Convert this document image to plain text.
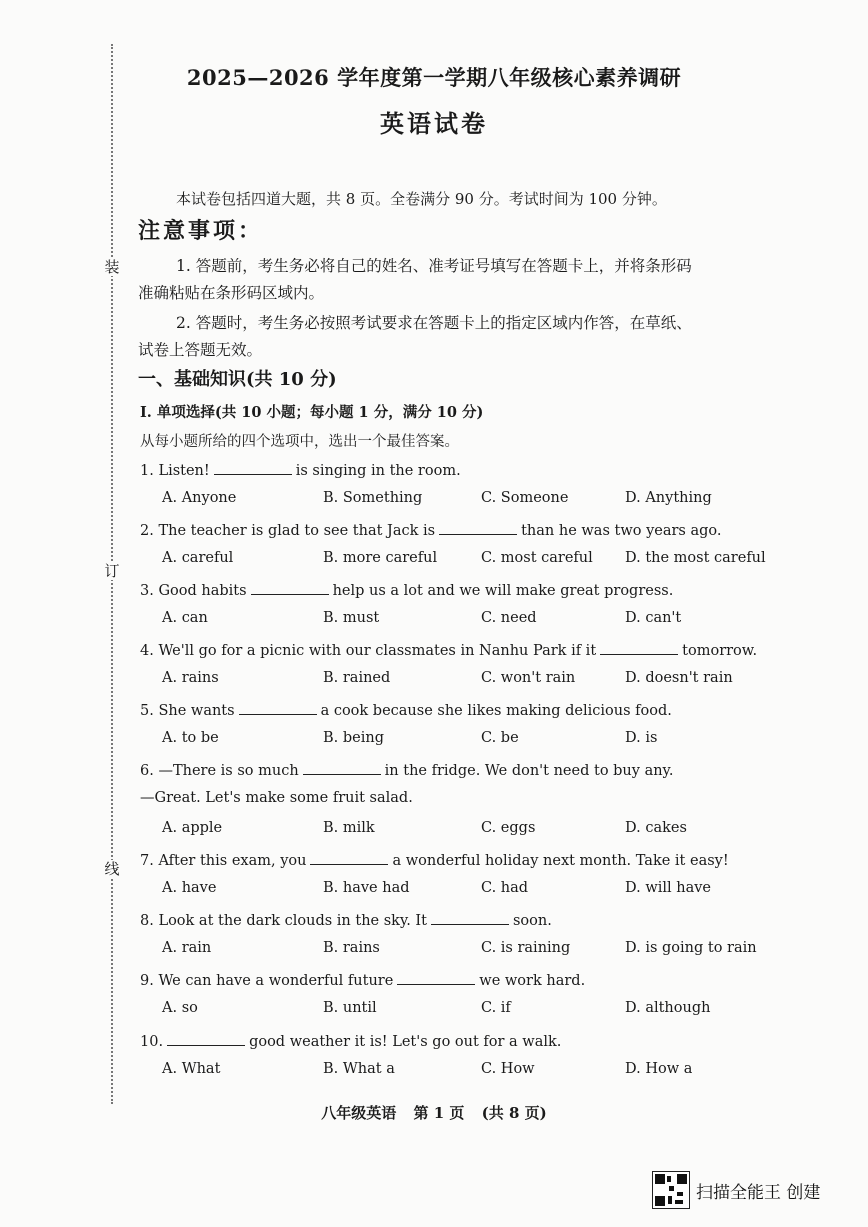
装
订
线
2025—2026 学年度第一学期八年级核心素养调研
英语试卷
本试卷包括四道大题，共 8 页。全卷满分 90 分。考试时间为 100 分钟。
注意事项：
1. 答题前，考生务必将自己的姓名、准考证号填写在答题卡上，并将条形码
准确粘贴在条形码区域内。
2. 答题时，考生务必按照考试要求在答题卡上的指定区域内作答，在草纸、
试卷上答题无效。
一、基础知识(共 10 分)
Ⅰ. 单项选择(共 10 小题；每小题 1 分，满分 10 分)
从每小题所给的四个选项中，选出一个最佳答案。
1. Listen!	is singing in the room.
A. Anyone	B. Something	C. Someone	D. Anything
2. The teacher is glad to see that Jack is	than he was two years ago.
A. careful	B. more careful	C. most careful D. the most careful
3. Good habits	help us a lot and we will make great progress.
A. can	B. must	C. need	D. can't
4. We'll go for a picnic with our classmates in Nanhu Park if it	tomorrow.
A. rains	B. rained	C. won't rain	D. doesn't rain
5. She wants	a cook because she likes making delicious food.
A. to be	B. being	C. be	D. is
6. —There is so much	in the fridge. We don't need to buy any.
—Great. Let's make some fruit salad.
A. apple	B. milk	C. eggs	D. cakes
7. After this exam, you	a wonderful holiday next month. Take it easy!
A. have	B. have had	C. had	D. will have
8. Look at the dark clouds in the sky. It	soon.
A. rain	B. rains	C. is raining	D. is going to rain
9. We can have a wonderful future	we work hard.
A. so	B. until	C. if	D. although
10.	good weather it is! Let's go out for a walk.
A. What	B. What a	C. How	D. How a
八年级英语 第 1 页 (共 8 页)
扫描全能王 创建
